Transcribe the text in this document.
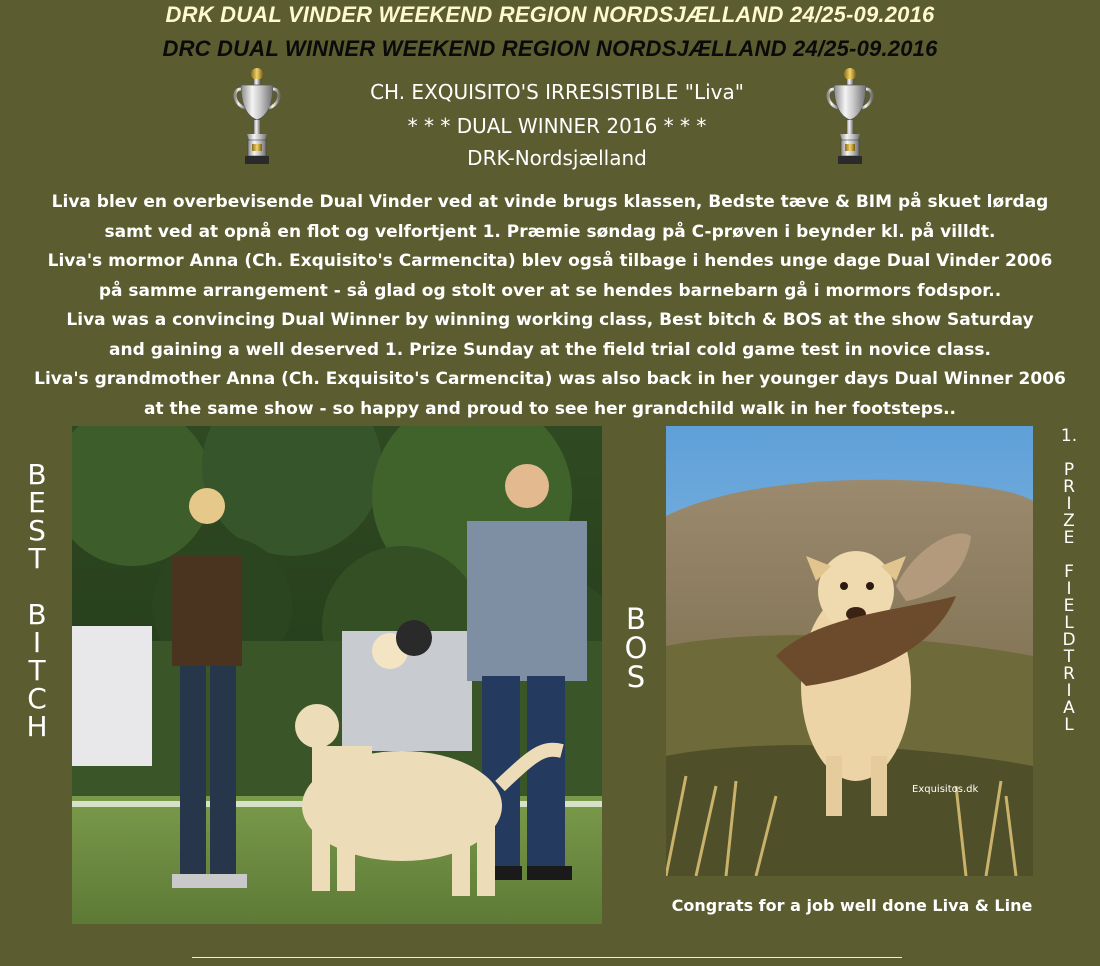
DRK DUAL VINDER WEEKEND REGION NORDSJÆLLAND 24/25-09.2016
DRC DUAL WINNER WEEKEND REGION NORDSJÆLLAND 24/25-09.2016
CH. EXQUISITO'S IRRESISTIBLE "Liva"
* * * DUAL WINNER 2016 * * *
DRK-Nordsjælland
Liva blev en overbevisende Dual Vinder ved at vinde brugs klassen, Bedste tæve & BIM på skuet lørdag
samt ved at opnå en flot og velfortjent 1. Præmie søndag på C-prøven i beynder kl. på villdt.
Liva's mormor Anna (Ch. Exquisito's Carmencita) blev også tilbage i hendes unge dage Dual Vinder 2006
på samme arrangement - så glad og stolt over at se hendes barnebarn gå i mormors fodspor..
Liva was a convincing Dual Winner by winning working class, Best bitch & BOS at the show Saturday
and gaining a well deserved 1. Prize Sunday at the field trial cold game test in novice class.
Liva's grandmother Anna (Ch. Exquisito's Carmencita) was also back in her younger days Dual Winner 2006
at the same show - so happy and proud to see her grandchild walk in her footsteps..
B
E
S
T

B
I
T
C
H
B
O
S
Exquisitos.dk
1.

P
R
I
Z
E

F
I
E
L
D
T
R
I
A
L
Congrats for a job well done Liva & Line
